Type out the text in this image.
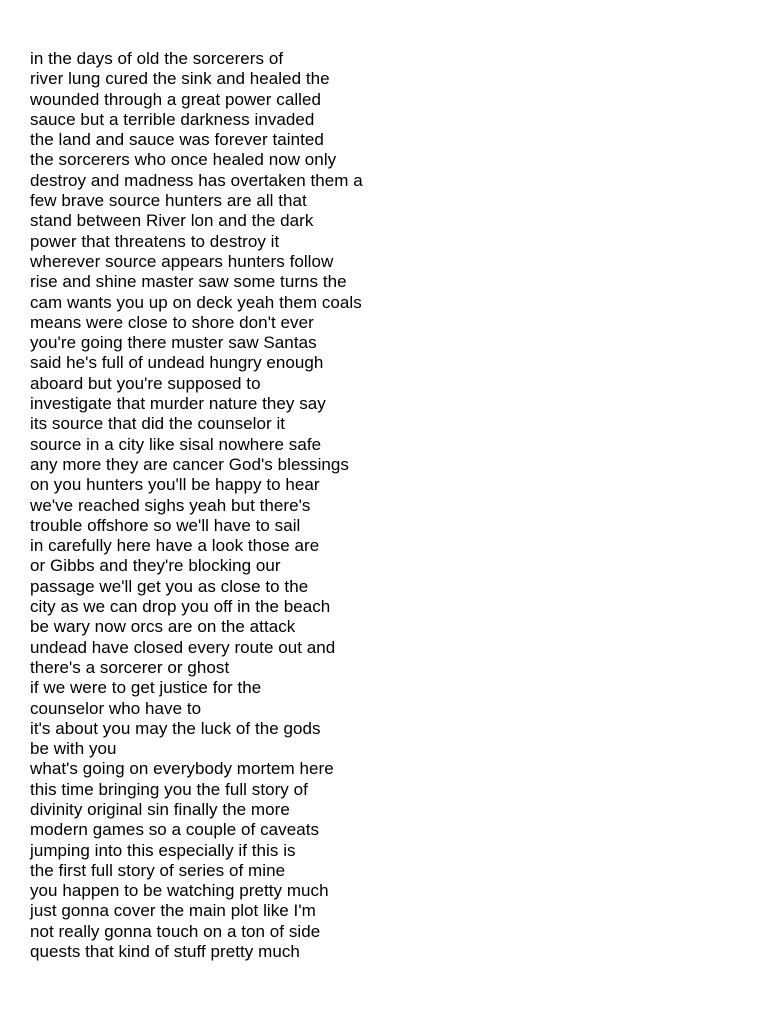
in the days of old the sorcerers of
river lung cured the sink and healed the
wounded through a great power called
sauce but a terrible darkness invaded
the land and sauce was forever tainted
the sorcerers who once healed now only
destroy and madness has overtaken them a
few brave source hunters are all that
stand between River lon and the dark
power that threatens to destroy it
wherever source appears hunters follow
rise and shine master saw some turns the
cam wants you up on deck yeah them coals
means were close to shore don't ever
you're going there muster saw Santas
said he's full of undead hungry enough
aboard but you're supposed to
investigate that murder nature they say
its source that did the counselor it
source in a city like sisal nowhere safe
any more they are cancer God's blessings
on you hunters you'll be happy to hear
we've reached sighs yeah but there's
trouble offshore so we'll have to sail
in carefully here have a look those are
or Gibbs and they're blocking our
passage we'll get you as close to the
city as we can drop you off in the beach
be wary now orcs are on the attack
undead have closed every route out and
there's a sorcerer or ghost
if we were to get justice for the
counselor who have to
it's about you may the luck of the gods
be with you
what's going on everybody mortem here
this time bringing you the full story of
divinity original sin finally the more
modern games so a couple of caveats
jumping into this especially if this is
the first full story of series of mine
you happen to be watching pretty much
just gonna cover the main plot like I'm
not really gonna touch on a ton of side
quests that kind of stuff pretty much
